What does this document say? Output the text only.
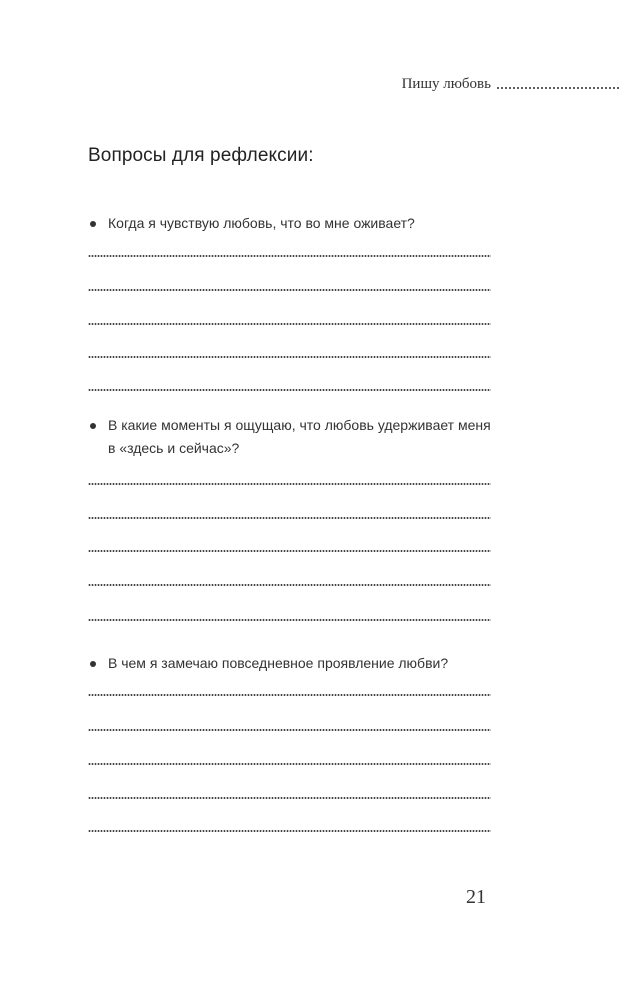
Пишу любовь
Вопросы для рефлексии:
Когда я чувствую любовь, что во мне оживает?
В какие моменты я ощущаю, что любовь удерживает меня в «здесь и сейчас»?
В чем я замечаю повседневное проявление любви?
21
